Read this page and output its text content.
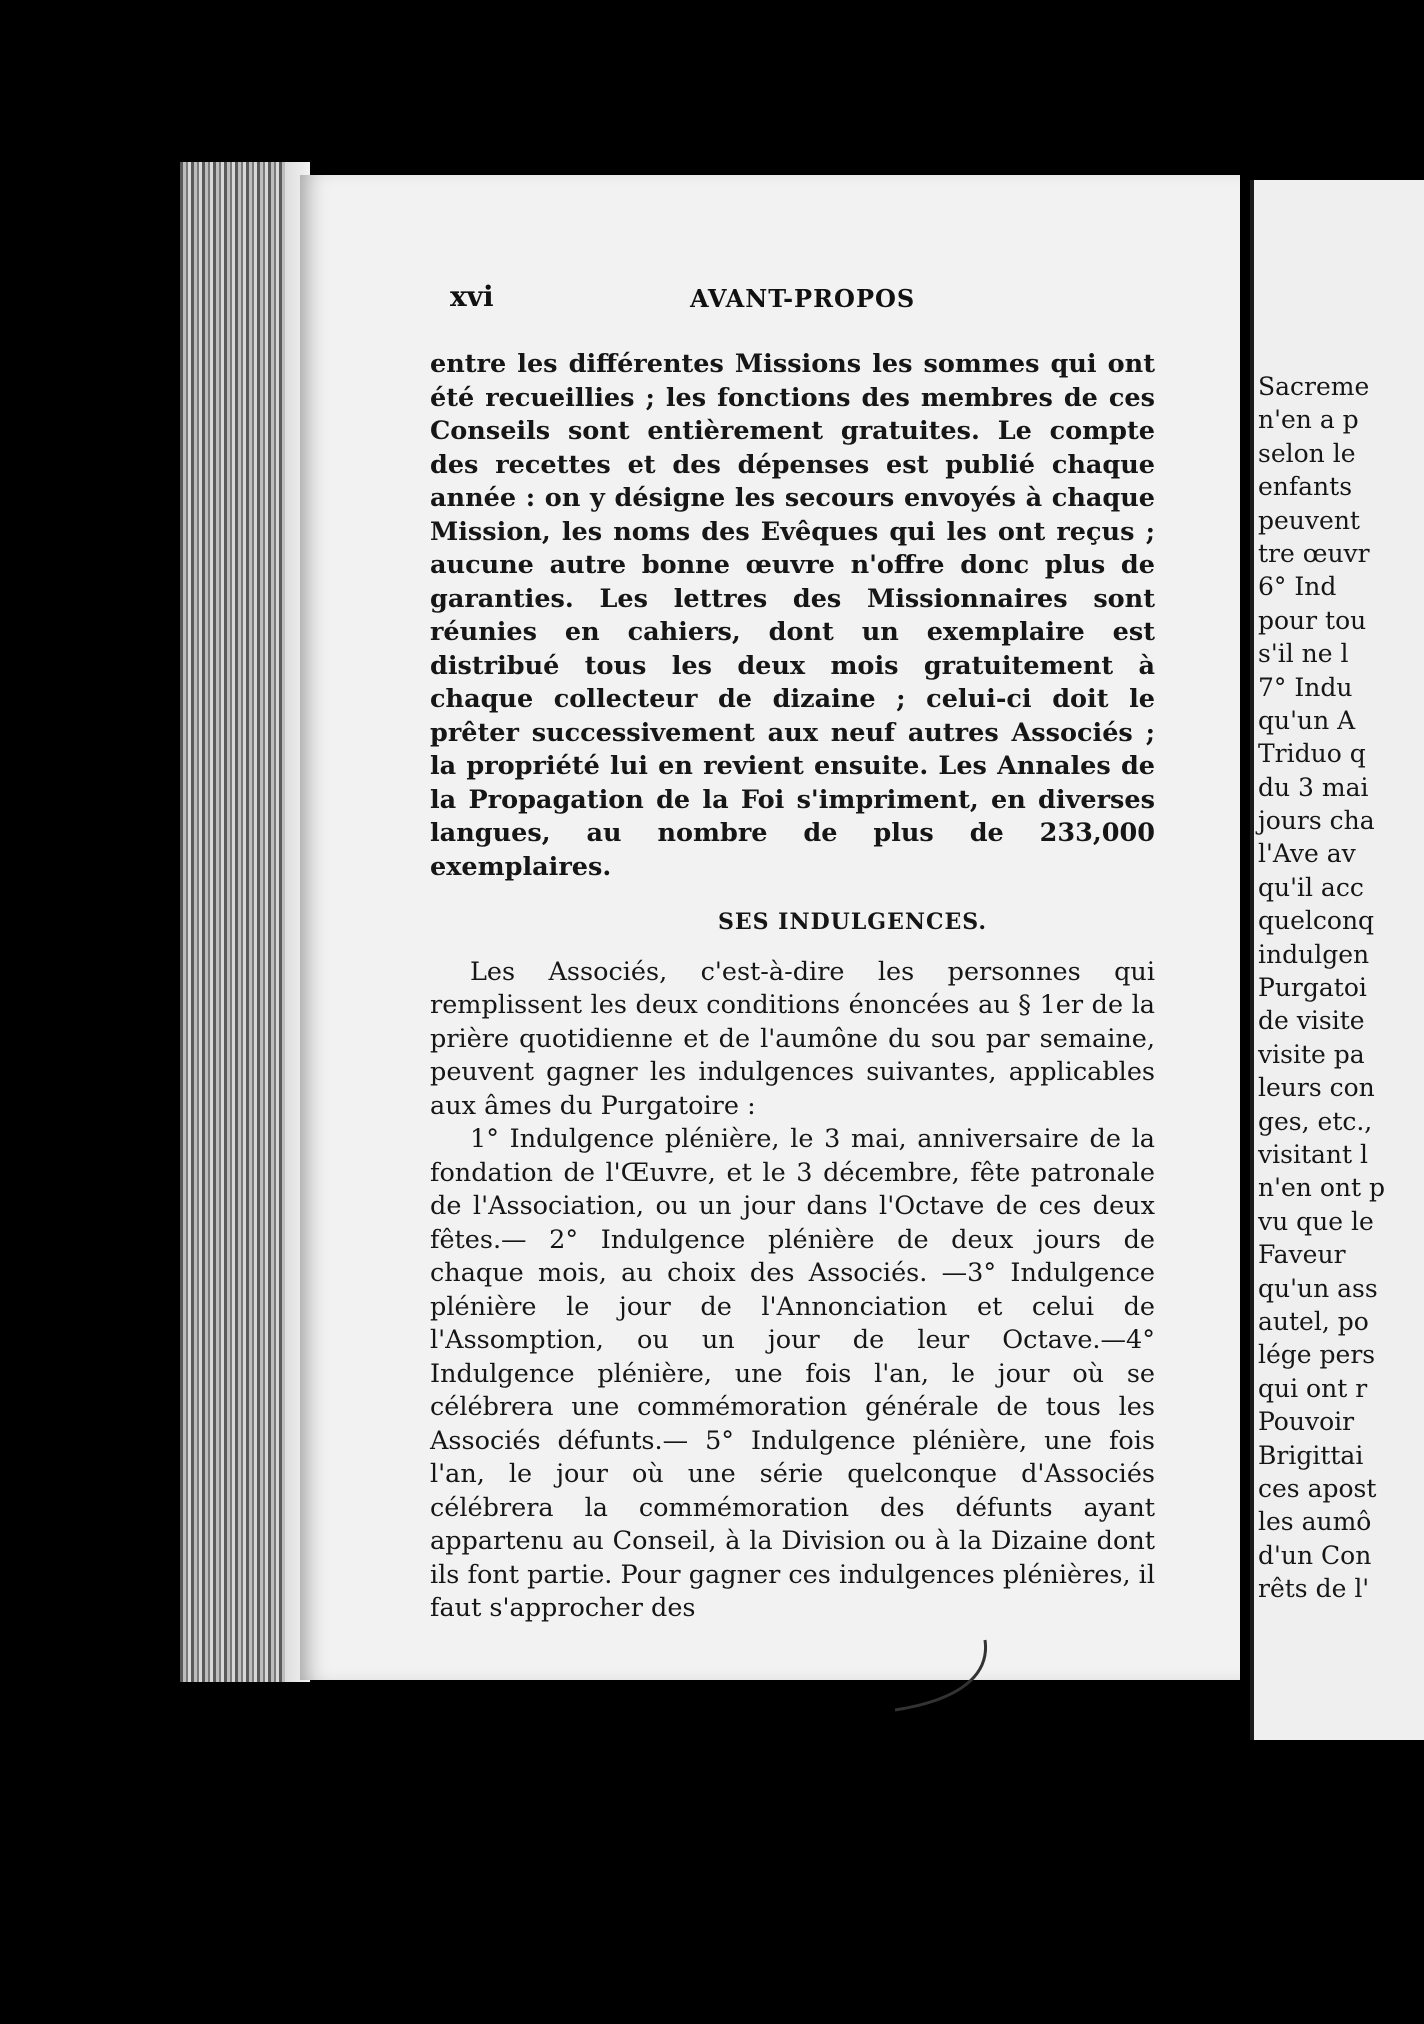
xvi	AVANT-PROPOS

entre les différentes Missions les sommes qui ont été recueillies ; les fonctions des membres de ces Conseils sont entièrement gratuites. Le compte des recettes et des dépenses est publié chaque année : on y désigne les secours envoyés à chaque Mission, les noms des Evêques qui les ont reçus ; aucune autre bonne œuvre n'offre donc plus de garanties. Les lettres des Missionnaires sont réunies en cahiers, dont un exemplaire est distribué tous les deux mois gratuitement à chaque collecteur de dizaine ; celui-ci doit le prêter successivement aux neuf autres Associés ; la propriété lui en revient ensuite. Les Annales de la Propagation de la Foi s'impriment, en diverses langues, au nombre de plus de 233,000 exemplaires.

SES INDULGENCES.

Les Associés, c'est-à-dire les personnes qui remplissent les deux conditions énoncées au § 1er de la prière quotidienne et de l'aumône du sou par semaine, peuvent gagner les indulgences suivantes, applicables aux âmes du Purgatoire :

1° Indulgence plénière, le 3 mai, anniversaire de la fondation de l'Œuvre, et le 3 décembre, fête patronale de l'Association, ou un jour dans l'Octave de ces deux fêtes.— 2° Indulgence plénière de deux jours de chaque mois, au choix des Associés. —3° Indulgence plénière le jour de l'Annonciation et celui de l'Assomption, ou un jour de leur Octave.—4° Indulgence plénière, une fois l'an, le jour où se célébrera une commémoration générale de tous les Associés défunts.— 5° Indulgence plénière, une fois l'an, le jour où une série quelconque d'Associés célébrera la commémoration des défunts ayant appartenu au Conseil, à la Division ou à la Dizaine dont ils font partie. Pour gagner ces indulgences plénières, il faut s'approcher des

Sacreme
n'en a p
selon le
enfants
peuvent
tre œuvr
6° Ind
pour tou
s'il ne l
7° Indu
qu'un A
Triduo q
du 3 mai
jours cha
l'Ave av
qu'il acc
quelconq
indulgen
Purgatoi
de visite
visite pa
leurs con
ges, etc.,
visitant l
n'en ont p
vu que le
Faveur
qu'un ass
autel, po
lége pers
qui ont r
Pouvoir
Brigittai
ces apost
les aumô
d'un Con
rêts de l'
